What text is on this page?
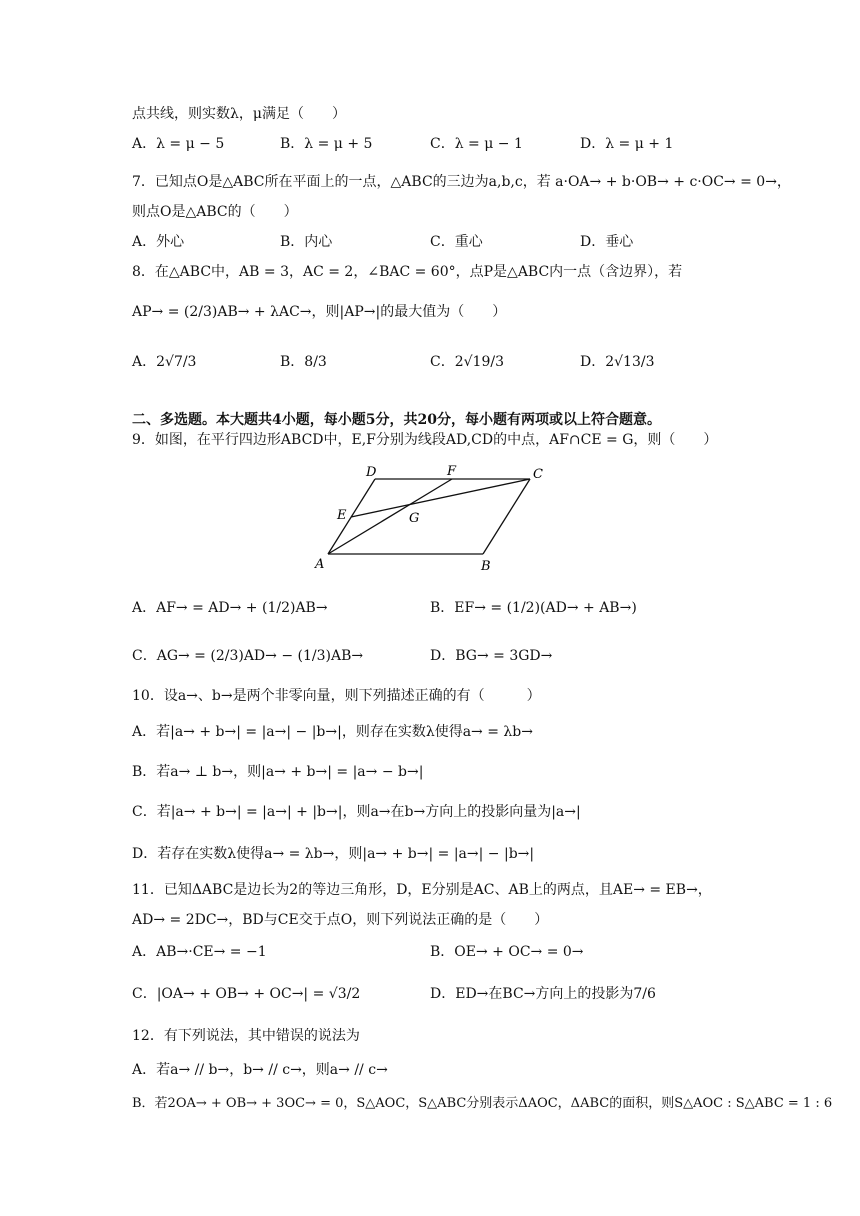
点共线，则实数λ，μ满足（　　）
A．λ = μ − 5	B．λ = μ + 5	C．λ = μ − 1	D．λ = μ + 1
7．已知点O是△ABC所在平面上的一点，△ABC的三边为a,b,c，若 a·OA→ + b·OB→ + c·OC→ = 0→，
则点O是△ABC的（　　）
A．外心	B．内心	C．重心	D．垂心
8．在△ABC中，AB = 3，AC = 2，∠BAC = 60°，点P是△ABC内一点（含边界），若
AP→ = (2/3)AB→ + λAC→，则|AP→|的最大值为（　　）
A．2√7/3	B．8/3	C．2√19/3	D．2√13/3
二、多选题。本大题共4小题，每小题5分，共20分，每小题有两项或以上符合题意。
9．如图，在平行四边形ABCD中，E,F分别为线段AD,CD的中点，AF∩CE = G，则（　　）
A	B
C
D
E
F
G
A．AF→ = AD→ + (1/2)AB→	B．EF→ = (1/2)(AD→ + AB→)
C．AG→ = (2/3)AD→ − (1/3)AB→	D．BG→ = 3GD→
10．设a→、b→是两个非零向量，则下列描述正确的有（　　　）
A．若|a→ + b→| = |a→| − |b→|，则存在实数λ使得a→ = λb→
B．若a→ ⊥ b→，则|a→ + b→| = |a→ − b→|
C．若|a→ + b→| = |a→| + |b→|，则a→在b→方向上的投影向量为|a→|
D．若存在实数λ使得a→ = λb→，则|a→ + b→| = |a→| − |b→|
11．已知ΔABC是边长为2的等边三角形，D，E分别是AC、AB上的两点，且AE→ = EB→，
AD→ = 2DC→，BD与CE交于点O，则下列说法正确的是（　　）
A．AB→·CE→ = −1	B．OE→ + OC→ = 0→
C．|OA→ + OB→ + OC→| = √3/2	D．ED→在BC→方向上的投影为7/6
12．有下列说法，其中错误的说法为
A．若a→ // b→，b→ // c→，则a→ // c→
B．若2OA→ + OB→ + 3OC→ = 0，S△AOC，S△ABC分别表示ΔAOC，ΔABC的面积，则S△AOC : S△ABC = 1 : 6
